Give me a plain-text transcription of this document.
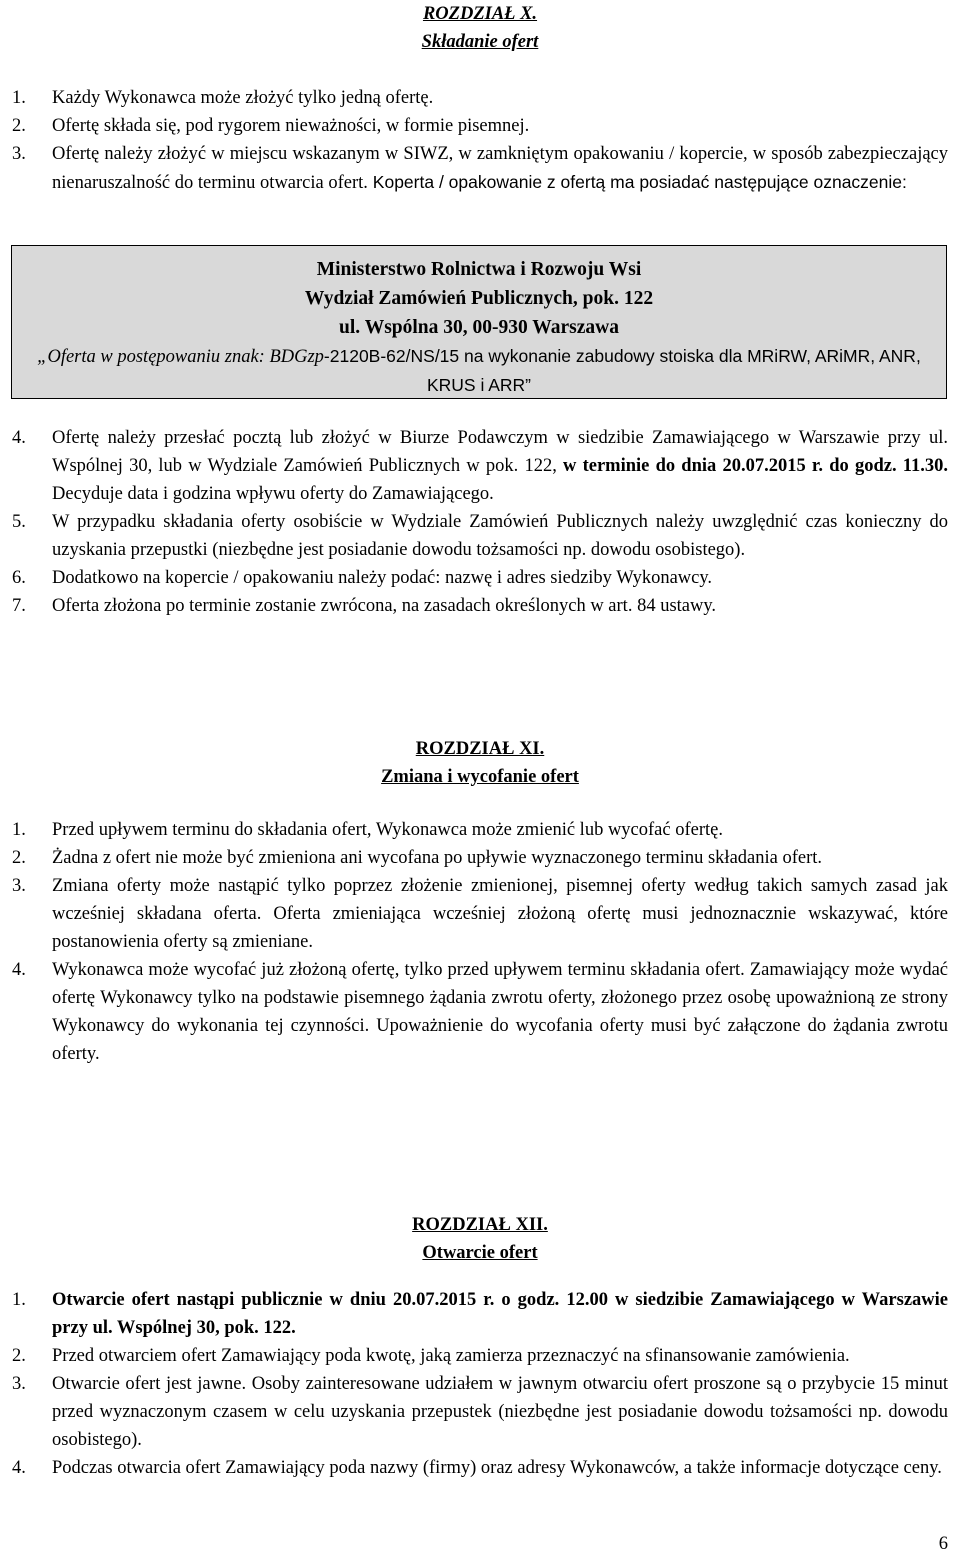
ROZDZIAŁ X.

Składanie ofert

1.	Każdy Wykonawca może złożyć tylko jedną ofertę.
2.	Ofertę składa się, pod rygorem nieważności, w formie pisemnej.
3.	Ofertę należy złożyć w miejscu wskazanym w SIWZ, w zamkniętym opakowaniu / kopercie, w sposób zabezpieczający nienaruszalność do terminu otwarcia ofert. Koperta / opakowanie z ofertą ma posiadać następujące oznaczenie:
Ministerstwo Rolnictwa i Rozwoju Wsi
Wydział Zamówień Publicznych, pok. 122
ul. Wspólna 30, 00-930 Warszawa
„Oferta w postępowaniu znak: BDGzp-2120B-62/NS/15 na wykonanie zabudowy stoiska dla MRiRW, ARiMR, ANR, KRUS i ARR”
4.	Ofertę należy przesłać pocztą lub złożyć w Biurze Podawczym w siedzibie Zamawiającego w Warszawie przy ul. Wspólnej 30, lub w Wydziale Zamówień Publicznych w pok. 122, w terminie do dnia 20.07.2015 r. do godz. 11.30. Decyduje data i godzina wpływu oferty do Zamawiającego.
5.	W przypadku składania oferty osobiście w Wydziale Zamówień Publicznych należy uwzględnić czas konieczny do uzyskania przepustki (niezbędne jest posiadanie dowodu tożsamości np. dowodu osobistego).
6.	Dodatkowo na kopercie / opakowaniu należy podać: nazwę i adres siedziby Wykonawcy.
7.	Oferta złożona po terminie zostanie zwrócona, na zasadach określonych w art. 84 ustawy.

ROZDZIAŁ XI.

Zmiana i wycofanie ofert

1.	Przed upływem terminu do składania ofert, Wykonawca może zmienić lub wycofać ofertę.
2.	Żadna z ofert nie może być zmieniona ani wycofana po upływie wyznaczonego terminu składania ofert.
3.	Zmiana oferty może nastąpić tylko poprzez złożenie zmienionej, pisemnej oferty według takich samych zasad jak wcześniej składana oferta. Oferta zmieniająca wcześniej złożoną ofertę musi jednoznacznie wskazywać, które postanowienia oferty są zmieniane.
4.	Wykonawca może wycofać już złożoną ofertę, tylko przed upływem terminu składania ofert. Zamawiający może wydać ofertę Wykonawcy tylko na podstawie pisemnego żądania zwrotu oferty, złożonego przez osobę upoważnioną ze strony Wykonawcy do wykonania tej czynności. Upoważnienie do wycofania oferty musi być załączone do żądania zwrotu oferty.

ROZDZIAŁ XII.

Otwarcie ofert

1.	Otwarcie ofert nastąpi publicznie w dniu 20.07.2015 r. o godz. 12.00 w siedzibie Zamawiającego w Warszawie przy ul. Wspólnej 30, pok. 122.
2.	Przed otwarciem ofert Zamawiający poda kwotę, jaką zamierza przeznaczyć na sfinansowanie zamówienia.
3.	Otwarcie ofert jest jawne. Osoby zainteresowane udziałem w jawnym otwarciu ofert proszone są o przybycie 15 minut przed wyznaczonym czasem w celu uzyskania przepustek (niezbędne jest posiadanie dowodu tożsamości np. dowodu osobistego).
4.	Podczas otwarcia ofert Zamawiający poda nazwy (firmy) oraz adresy Wykonawców, a także informacje dotyczące ceny.
6
